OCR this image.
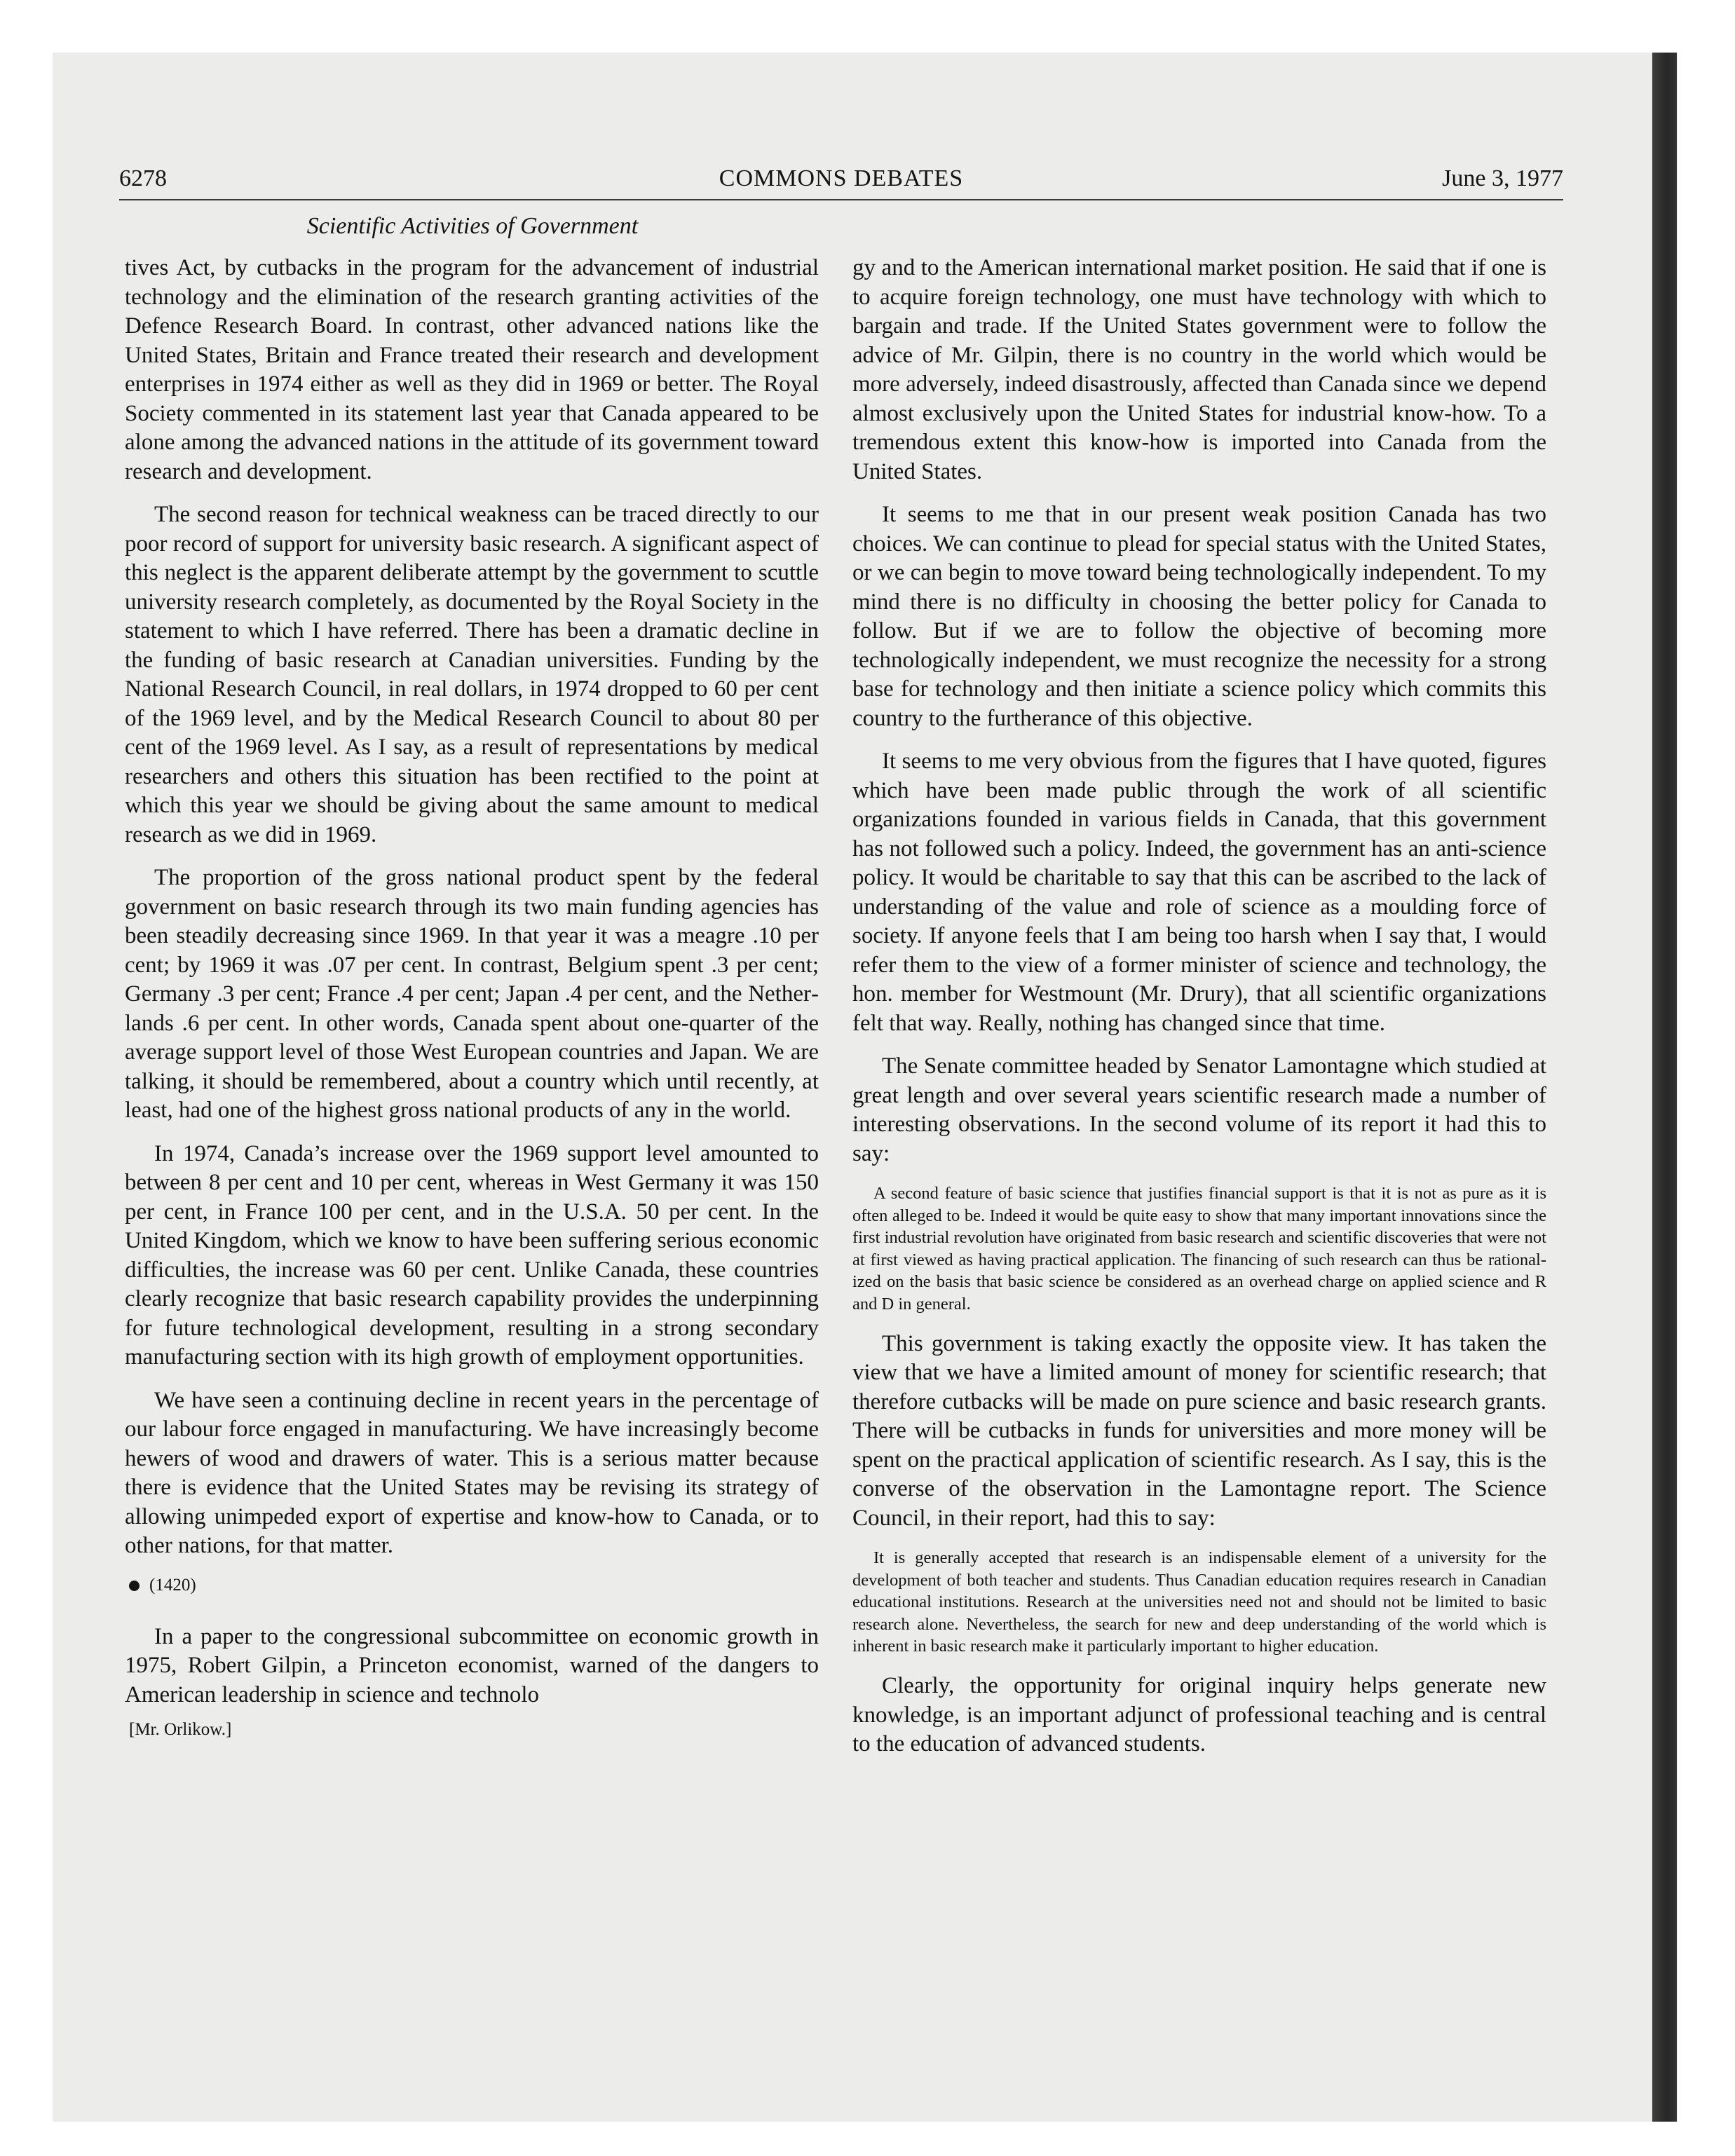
6278	COMMONS DEBATES	June 3, 1977
Scientific Activities of Government

tives Act, by cutbacks in the program for the advancement of industrial technology and the elimination of the research granting activities of the Defence Research Board. In contrast, other advanced nations like the United States, Britain and France treated their research and development enterprises in 1974 either as well as they did in 1969 or better. The Royal Society commented in its statement last year that Canada appeared to be alone among the advanced nations in the attitude of its government toward research and development.

The second reason for technical weakness can be traced directly to our poor record of support for university basic research. A significant aspect of this neglect is the apparent deliberate attempt by the government to scuttle university research completely, as documented by the Royal Society in the statement to which I have referred. There has been a dramatic decline in the funding of basic research at Canadian universities. Funding by the National Research Council, in real dollars, in 1974 dropped to 60 per cent of the 1969 level, and by the Medical Research Council to about 80 per cent of the 1969 level. As I say, as a result of representations by medical researchers and others this situation has been rectified to the point at which this year we should be giving about the same amount to medical research as we did in 1969.

The proportion of the gross national product spent by the federal government on basic research through its two main funding agencies has been steadily decreasing since 1969. In that year it was a meagre .10 per cent; by 1969 it was .07 per cent. In contrast, Belgium spent .3 per cent; Germany .3 per cent; France .4 per cent; Japan .4 per cent, and the Netherlands .6 per cent. In other words, Canada spent about one-quarter of the average support level of those West European countries and Japan. We are talking, it should be remembered, about a country which until recently, at least, had one of the highest gross national products of any in the world.

In 1974, Canada’s increase over the 1969 support level amounted to between 8 per cent and 10 per cent, whereas in West Germany it was 150 per cent, in France 100 per cent, and in the U.S.A. 50 per cent. In the United Kingdom, which we know to have been suffering serious economic difficulties, the increase was 60 per cent. Unlike Canada, these countries clearly recognize that basic research capability provides the underpinning for future technological development, resulting in a strong secondary manufacturing section with its high growth of employment opportunities.

We have seen a continuing decline in recent years in the percentage of our labour force engaged in manufacturing. We have increasingly become hewers of wood and drawers of water. This is a serious matter because there is evidence that the United States may be revising its strategy of allowing unimpeded export of expertise and know-how to Canada, or to other nations, for that matter.

(1420)

In a paper to the congressional subcommittee on economic growth in 1975, Robert Gilpin, a Princeton economist, warned of the dangers to American leadership in science and technolo

[Mr. Orlikow.]

gy and to the American international market position. He said that if one is to acquire foreign technology, one must have technology with which to bargain and trade. If the United States government were to follow the advice of Mr. Gilpin, there is no country in the world which would be more adversely, indeed disastrously, affected than Canada since we depend almost exclusively upon the United States for industrial know-how. To a tremendous extent this know-how is imported into Canada from the United States.

It seems to me that in our present weak position Canada has two choices. We can continue to plead for special status with the United States, or we can begin to move toward being technologically independent. To my mind there is no difficulty in choosing the better policy for Canada to follow. But if we are to follow the objective of becoming more technologically independent, we must recognize the necessity for a strong base for technology and then initiate a science policy which commits this country to the furtherance of this objective.

It seems to me very obvious from the figures that I have quoted, figures which have been made public through the work of all scientific organizations founded in various fields in Canada, that this government has not followed such a policy. Indeed, the government has an anti-science policy. It would be charitable to say that this can be ascribed to the lack of understanding of the value and role of science as a moulding force of society. If anyone feels that I am being too harsh when I say that, I would refer them to the view of a former minister of science and technology, the hon. member for Westmount (Mr. Drury), that all scientific organizations felt that way. Really, nothing has changed since that time.

The Senate committee headed by Senator Lamontagne which studied at great length and over several years scientific research made a number of interesting observations. In the second volume of its report it had this to say:

A second feature of basic science that justifies financial support is that it is not as pure as it is often alleged to be. Indeed it would be quite easy to show that many important innovations since the first industrial revolution have originated from basic research and scientific discoveries that were not at first viewed as having practical application. The financing of such research can thus be rationalized on the basis that basic science be considered as an overhead charge on applied science and R and D in general.

This government is taking exactly the opposite view. It has taken the view that we have a limited amount of money for scientific research; that therefore cutbacks will be made on pure science and basic research grants. There will be cutbacks in funds for universities and more money will be spent on the practical application of scientific research. As I say, this is the converse of the observation in the Lamontagne report. The Science Council, in their report, had this to say:

It is generally accepted that research is an indispensable element of a university for the development of both teacher and students. Thus Canadian education requires research in Canadian educational institutions. Research at the universities need not and should not be limited to basic research alone. Nevertheless, the search for new and deep understanding of the world which is inherent in basic research make it particularly important to higher education.

Clearly, the opportunity for original inquiry helps generate new knowledge, is an important adjunct of professional teaching and is central to the education of advanced students.
